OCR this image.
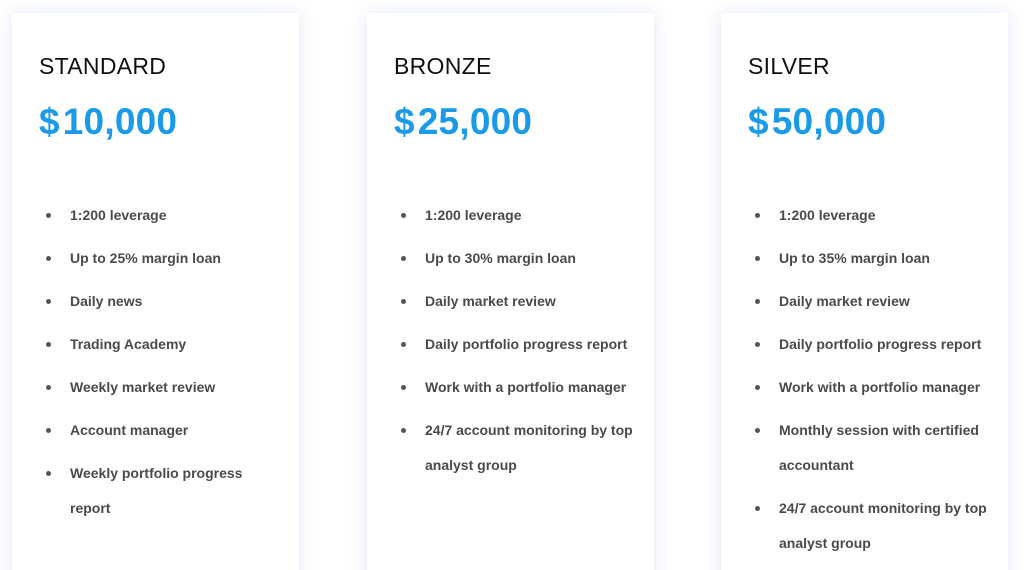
STANDARD
$10,000
1:200 leverage
Up to 25% margin loan
Daily news
Trading Academy
Weekly market review
Account manager
Weekly portfolio progress report
BRONZE
$25,000
1:200 leverage
Up to 30% margin loan
Daily market review
Daily portfolio progress report
Work with a portfolio manager
24/7 account monitoring by top analyst group
SILVER
$50,000
1:200 leverage
Up to 35% margin loan
Daily market review
Daily portfolio progress report
Work with a portfolio manager
Monthly session with certified accountant
24/7 account monitoring by top analyst group
